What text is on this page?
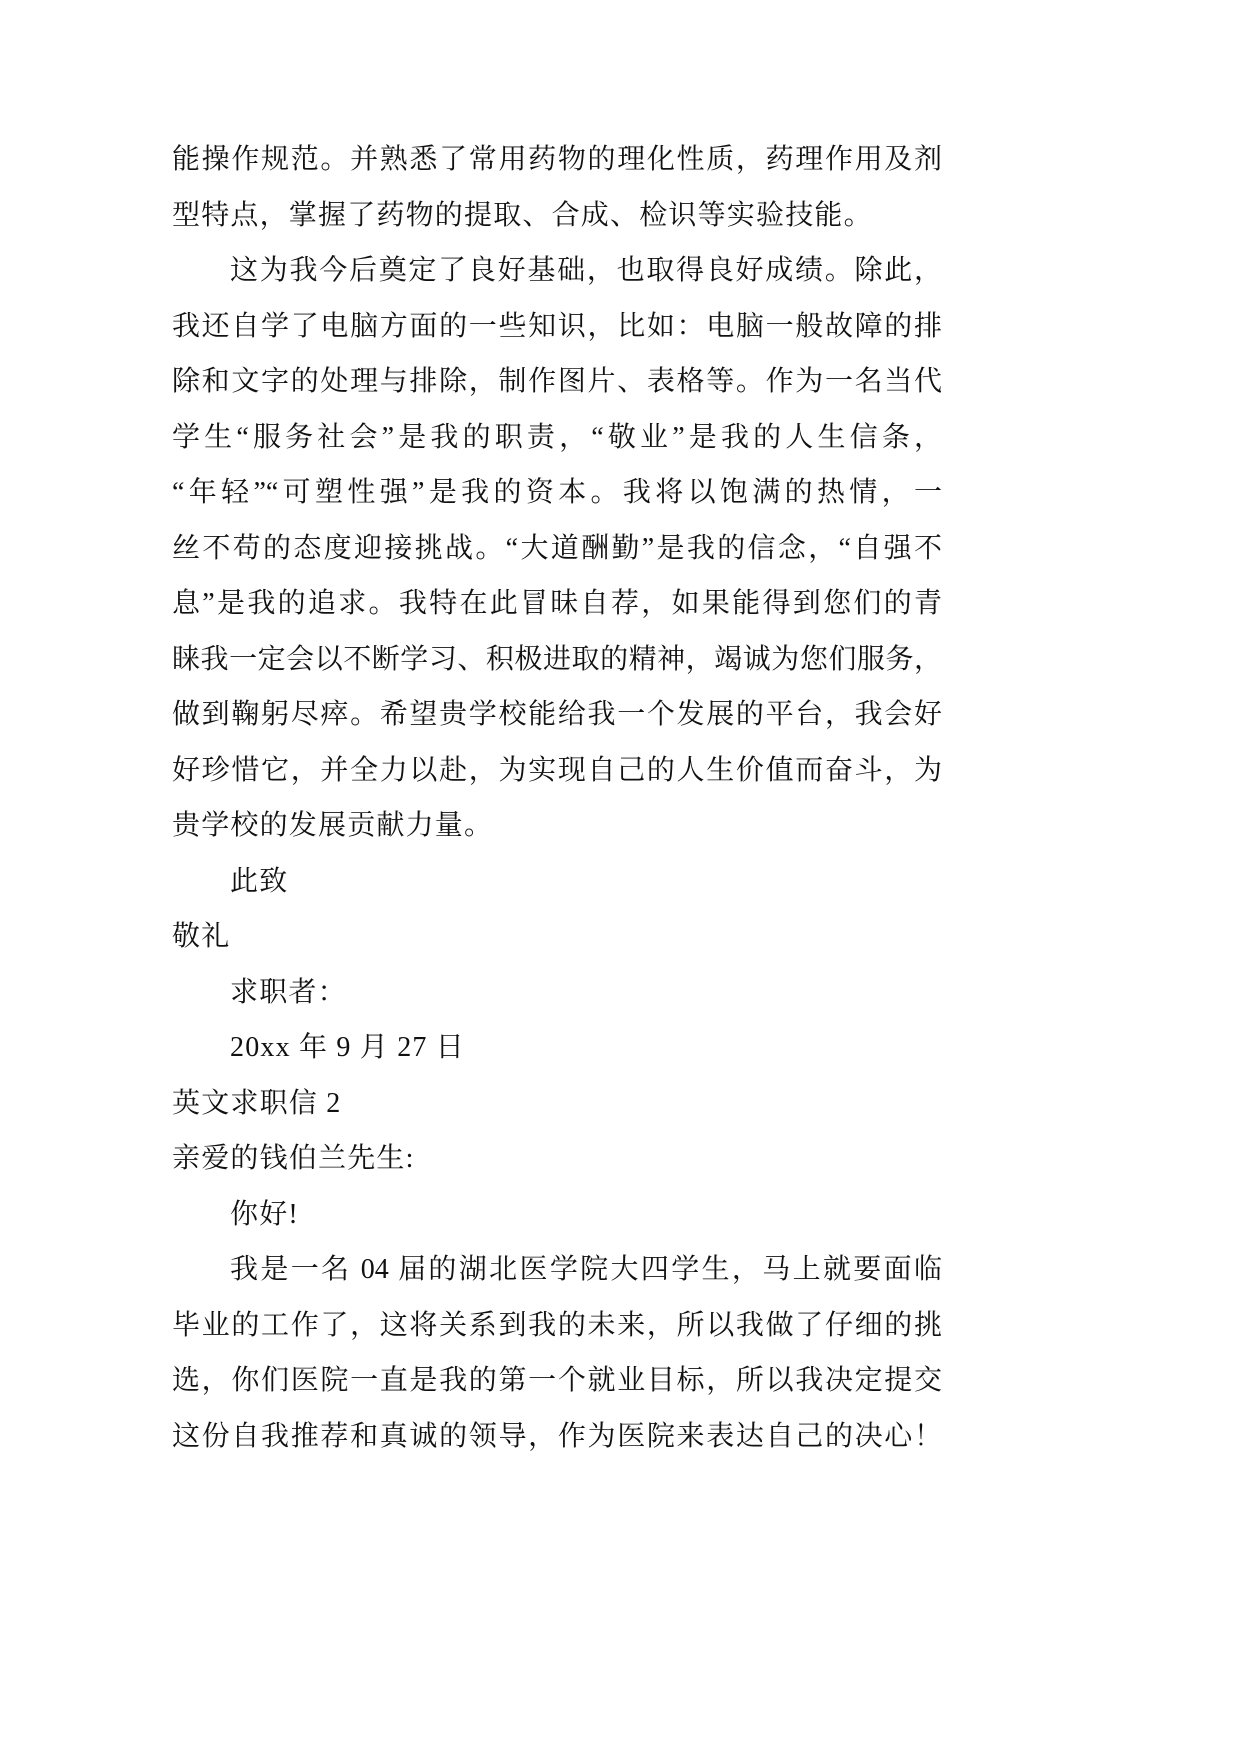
能操作规范。并熟悉了常用药物的理化性质，药理作用及剂
型特点，掌握了药物的提取、合成、检识等实验技能。
这为我今后奠定了良好基础，也取得良好成绩。除此，
我还自学了电脑方面的一些知识，比如：电脑一般故障的排
除和文字的处理与排除，制作图片、表格等。作为一名当代
学生“服务社会”是我的职责，“敬业”是我的人生信条，
“年轻”“可塑性强”是我的资本。我将以饱满的热情，一
丝不苟的态度迎接挑战。“大道酬勤”是我的信念，“自强不
息”是我的追求。我特在此冒昧自荐，如果能得到您们的青
睐我一定会以不断学习、积极进取的精神，竭诚为您们服务，
做到鞠躬尽瘁。希望贵学校能给我一个发展的平台，我会好
好珍惜它，并全力以赴，为实现自己的人生价值而奋斗，为
贵学校的发展贡献力量。
此致
敬礼
求职者：
20xx 年 9 月 27 日
英文求职信 2
亲爱的钱伯兰先生:
你好!
我是一名 04 届的湖北医学院大四学生，马上就要面临
毕业的工作了，这将关系到我的未来，所以我做了仔细的挑
选，你们医院一直是我的第一个就业目标，所以我决定提交
这份自我推荐和真诚的领导，作为医院来表达自己的决心！
